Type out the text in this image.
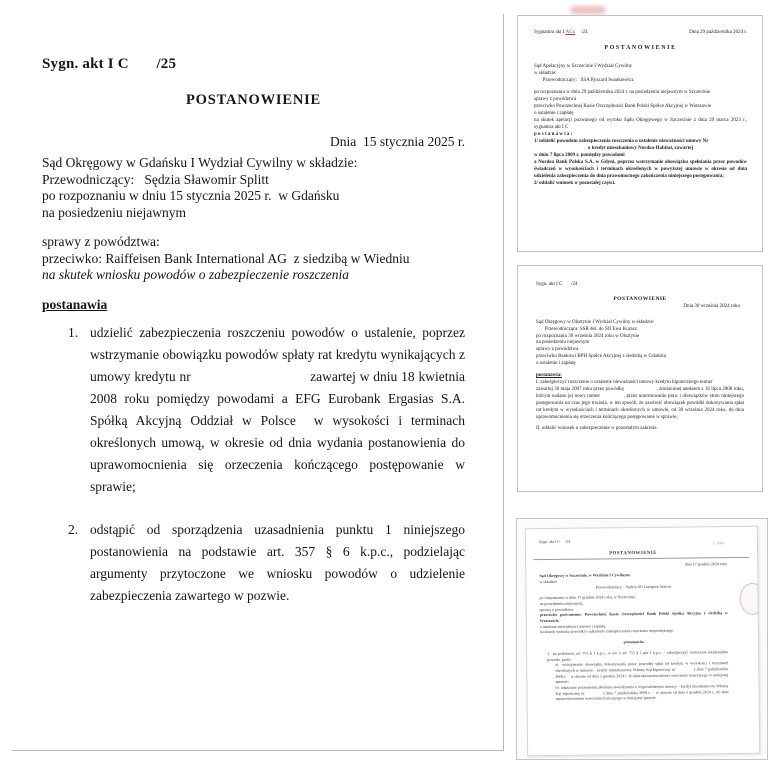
Sygn. akt I C       /25
POSTANOWIENIE
Dnia  15 stycznia 2025 r.
Sąd Okręgowy w Gdańsku I Wydział Cywilny w składzie:
Przewodniczący:   Sędzia Sławomir Splitt
po rozpoznaniu w dniu 15 stycznia 2025 r.  w Gdańsku
na posiedzeniu niejawnym
sprawy z powództwa:
przeciwko: Raiffeisen Bank International AG  z siedzibą w Wiedniu
na skutek wniosku powodów o zabezpieczenie roszczenia
postanawia
1. udzielić zabezpieczenia roszczeniu powodów o ustalenie, poprzez wstrzymanie obowiązku powodów spłaty rat kredytu wynikających z umowy kredytu nr                               zawartej w dniu 18 kwietnia 2008 roku pomiędzy powodami a EFG Eurobank Ergasias S.A. Spółką Akcyjną Oddział w Polsce  w wysokości i terminach określonych umową, w okresie od dnia wydania postanowienia do uprawomocnienia się orzeczenia kończącego postępowanie w sprawie;
2. odstąpić od sporządzenia uzasadnienia punktu 1 niniejszego postanowienia na podstawie art. 357 § 6 k.p.c., podzielając argumenty przytoczone we wniosku powodów o udzielenie zabezpieczenia zawartego w pozwie.
Sygnatura akt I AGz     /24	Dnia 29 października 2024 r.
POSTANOWIENIE
Sąd Apelacyjny w Szczecinie I Wydział Cywilny
w składzie:
Przewodniczący:   SSA Ryszard Iwankiewicz
po rozpoznaniu w dniu 29 października 2024 r. na posiedzeniu niejawnym w Szczecinie
sprawy z powództwa
przeciwko Powszechnej Kasie Oszczędności Bank Polski Spółce Akcyjnej w Warszawie
o ustalenie i zapłatę
na skutek apelacji pozwanego od wyroku Sądu Okręgowego w Szczecinie z dnia 29 marca 2023 r., sygnatura akt I C
p o s t a n a w i a :
1/ udzielić powodom zabezpieczenia roszczenia o ustalenie nieważności umowy Nr
o kredyt mieszkaniowy Nordea-Habitat, zawartej
w dniu 7 lipca 2009 r. pomiędzy powodami
a Nordea Bank Polska S.A. w Gdyni, poprzez wstrzymanie obowiązku spełniania przez powodów świadczeń w wysokościach i terminach określonych w powyższej umowie w okresie od dnia udzielenia zabezpieczenia do dnia prawomocnego zakończenia niniejszego postępowania;
2/ oddalić wniosek w pozostałej części.
Sygn. akt I C       /24
POSTANOWIENIE
Dnia 30 września 2024 roku
Sąd Okręgowy w Olsztynie I Wydział Cywilny w składzie:
Przewodnicząca: SSR del. do SO Ewa Kurasz
po rozpoznaniu 30 września 2024 roku w Olsztynie
na posiedzeniu niejawnym
sprawy z powództwa
przeciwko Bankowi BPH Spółce Akcyjnej z siedzibą w Gdańsku
o ustalenie i zapłatę
postanawia:
I. zabezpieczyć roszczenie o ustalenie nieważności umowy kredytu hipotecznego numer                          zawartej 30 maja 2007 roku przez powódkę                         , zmienionej aneksem z 16 lipca 2008 roku, którym nadano jej nowy numer               , przez unormowanie praw i obowiązków stron niniejszego postępowania na czas jego trwania, w ten sposób, że zawiesić obowiązek powódki dokonywania spłat rat kredytu w wysokościach i terminach określonych w umowie, od 30 września 2024 roku, do dnia uprawomocnienia się orzeczenia kończącego postępowanie w sprawie,
II. oddalić wniosek o zabezpieczenie w pozostałym zakresie.
Sygn. akt I C     /24	L. dzie.
POSTANOWIENIE
dnia 17 grudnia 2024 roku
Sąd Okręgowy w Szczecinie, w Wydziale I Cywilnym,
w składzie:
Przewodniczący – Sędzia SO Grzegorz Szacoń
po rozpoznaniu w dniu 17 grudnia 2024 roku, w Szczecinie,
na posiedzeniu niejawnym,
sprawy z powództwa
przeciwko pozwanemu: Powszechnej Kasie Oszczędności Bank Polski Spółka Akcyjna z siedzibą w Warszawie,
o ustalenie nieważności umowy i zapłatę,
na skutek wniosku powódki o udzielenie zabezpieczenia roszczenia niepieniężnego
postanawia:
1.  na podstawie art. 755 § 1 k.p.c., w zw. z art. 755 § 1 pkt 1 k.p.c. – zabezpieczyć roszczenie niepieniężne powoda, przez:
a)  wstrzymanie obowiązku dokonywania przez powódkę spłat rat kredytu w wysokości i terminach określonych w umowie – kredyt mieszkaniowy Własny Kąt hipoteczny nr                z dnia 7 października 2008 r. – w okresie od dnia 5 grudnia 2024 r. do dnia uprawomocnienia orzeczenia kończącego w niniejszej sprawie;
b)  zakazanie pozwanemu złożenia oświadczenia o wypowiedzeniu umowy – kredyt mieszkaniowy Własny Kąt hipoteczny nr               z dnia 7 października 2008 r., – w okresie od dnia 5 grudnia 2024 r., do dnia uprawomocnienia orzeczenia kończącego w niniejszej sprawie.
